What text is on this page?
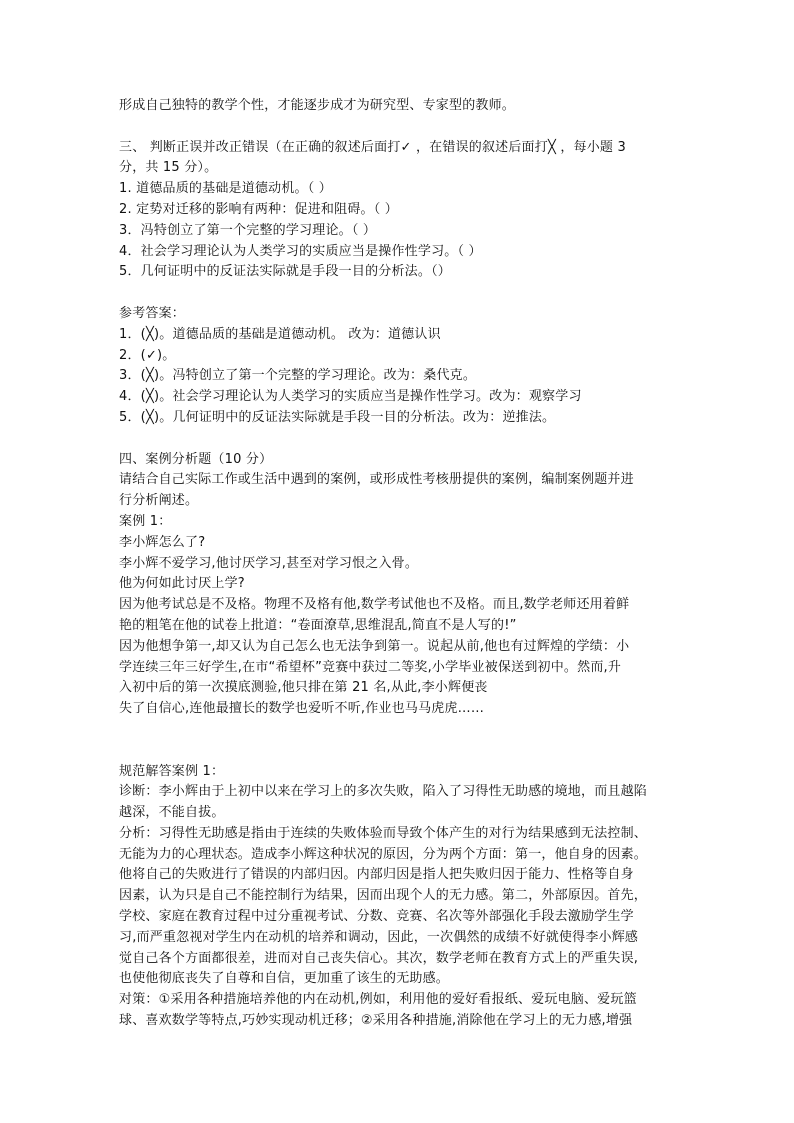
形成自己独特的教学个性，才能逐步成才为研究型、专家型的教师。
三、 判断正误并改正错误（在正确的叙述后面打✓ ，在错误的叙述后面打╳ ，每小题 3
分，共 15 分）。
1. 道德品质的基础是道德动机。（ ）
2. 定势对迁移的影响有两种：促进和阻碍。（ ）
3．冯特创立了第一个完整的学习理论。（ ）
4．社会学习理论认为人类学习的实质应当是操作性学习。（ ）
5．几何证明中的反证法实际就是手段一目的分析法。（）
参考答案：
1．(╳)。道德品质的基础是道德动机。 改为：道德认识
2．(✓)。
3．(╳)。冯特创立了第一个完整的学习理论。改为：桑代克。
4．(╳)。社会学习理论认为人类学习的实质应当是操作性学习。改为：观察学习
5．(╳)。几何证明中的反证法实际就是手段一目的分析法。改为：逆推法。
四、案例分析题（10 分）
请结合自己实际工作或生活中遇到的案例，或形成性考核册提供的案例，编制案例题并进
行分析阐述。
案例 1：
李小辉怎么了?
李小辉不爱学习,他讨厌学习,甚至对学习恨之入骨。
他为何如此讨厌上学?
因为他考试总是不及格。物理不及格有他,数学考试他也不及格。而且,数学老师还用着鲜
艳的粗笔在他的试卷上批道：“卷面潦草,思维混乱,简直不是人写的!”
因为他想争第一,却又认为自己怎么也无法争到第一。说起从前,他也有过辉煌的学绩：小
学连续三年三好学生,在市“希望杯”竞赛中获过二等奖,小学毕业被保送到初中。然而,升
入初中后的第一次摸底测验,他只排在第 21 名,从此,李小辉便丧
失了自信心,连他最擅长的数学也爱听不听,作业也马马虎虎……
规范解答案例 1：
诊断：李小辉由于上初中以来在学习上的多次失败，陷入了习得性无助感的境地，而且越陷
越深，不能自拔。
分析：习得性无助感是指由于连续的失败体验而导致个体产生的对行为结果感到无法控制、
无能为力的心理状态。造成李小辉这种状况的原因，分为两个方面：第一，他自身的因素。
他将自己的失败进行了错误的内部归因。内部归因是指人把失败归因于能力、性格等自身
因素，认为只是自己不能控制行为结果，因而出现个人的无力感。第二，外部原因。首先，
学校、家庭在教育过程中过分重视考试、分数、竞赛、名次等外部强化手段去激励学生学
习,而严重忽视对学生内在动机的培养和调动，因此，一次偶然的成绩不好就使得李小辉感
觉自己各个方面都很差，进而对自己丧失信心。其次，数学老师在教育方式上的严重失误,
也使他彻底丧失了自尊和自信，更加重了该生的无助感。
对策：①采用各种措施培养他的内在动机,例如，利用他的爱好看报纸、爱玩电脑、爱玩篮
球、喜欢数学等特点,巧妙实现动机迁移；②采用各种措施,消除他在学习上的无力感,增强
